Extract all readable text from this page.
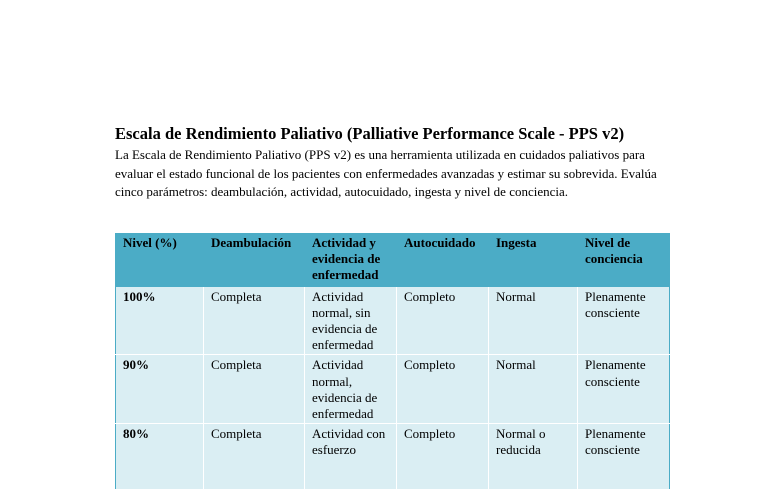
Escala de Rendimiento Paliativo (Palliative Performance Scale - PPS v2)

La Escala de Rendimiento Paliativo (PPS v2) es una herramienta utilizada en cuidados paliativos para evaluar el estado funcional de los pacientes con enfermedades avanzadas y estimar su sobrevida. Evalúa cinco parámetros: deambulación, actividad, autocuidado, ingesta y nivel de conciencia.

Nivel (%)	Deambulación	Actividad y evidencia de enfermedad	Autocuidado	Ingesta	Nivel de conciencia
100%	Completa	Actividad normal, sin evidencia de enfermedad	Completo	Normal	Plenamente consciente
90%	Completa	Actividad normal, evidencia de enfermedad	Completo	Normal	Plenamente consciente
80%	Completa	Actividad con esfuerzo	Completo	Normal o reducida	Plenamente consciente
